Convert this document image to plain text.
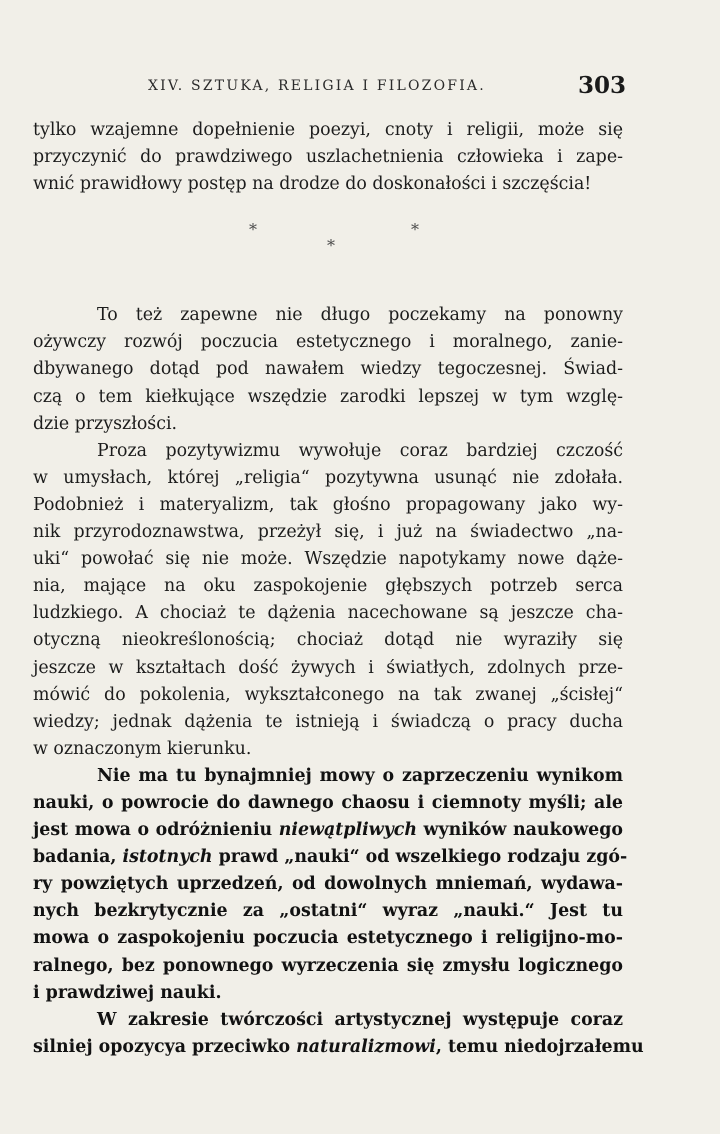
XIV. SZTUKA, RELIGIA I FILOZOFIA.	303

tylko wzajemne dopełnienie poezyi, cnoty i religii, może się
przyczynić do prawdziwego uszlachetnienia człowieka i zape-
wnić prawidłowy postęp na drodze do doskonałości i szczęścia!

*
*
*

To też zapewne nie długo poczekamy na ponowny
ożywczy rozwój poczucia estetycznego i moralnego, zanie-
dbywanego dotąd pod nawałem wiedzy tegoczesnej. Świad-
czą o tem kiełkujące wszędzie zarodki lepszej w tym wzglę-
dzie przyszłości.

Proza pozytywizmu wywołuje coraz bardziej czczość
w umysłach, której „religia“ pozytywna usunąć nie zdołała.
Podobnież i materyalizm, tak głośno propagowany jako wy-
nik przyrodoznawstwa, przeżył się, i już na świadectwo „na-
uki“ powołać się nie może. Wszędzie napotykamy nowe dąże-
nia, mające na oku zaspokojenie głębszych potrzeb serca
ludzkiego. A chociaż te dążenia nacechowane są jeszcze cha-
otyczną nieokreślonością; chociaż dotąd nie wyraziły się
jeszcze w kształtach dość żywych i światłych, zdolnych prze-
mówić do pokolenia, wykształconego na tak zwanej „ścisłej“
wiedzy; jednak dążenia te istnieją i świadczą o pracy ducha
w oznaczonym kierunku.

Nie ma tu bynajmniej mowy o zaprzeczeniu wynikom
nauki, o powrocie do dawnego chaosu i ciemnoty myśli; ale
jest mowa o odróżnieniu niewątpliwych wyników naukowego
badania, istotnych prawd „nauki“ od wszelkiego rodzaju zgó-
ry powziętych uprzedzeń, od dowolnych mniemań, wydawa-
nych bezkrytycznie za „ostatni“ wyraz „nauki.“ Jest tu
mowa o zaspokojeniu poczucia estetycznego i religijno-mo-
ralnego, bez ponownego wyrzeczenia się zmysłu logicznego
i prawdziwej nauki.

W zakresie twórczości artystycznej występuje coraz
silniej opozycya przeciwko naturalizmowi, temu niedojrzałemu
